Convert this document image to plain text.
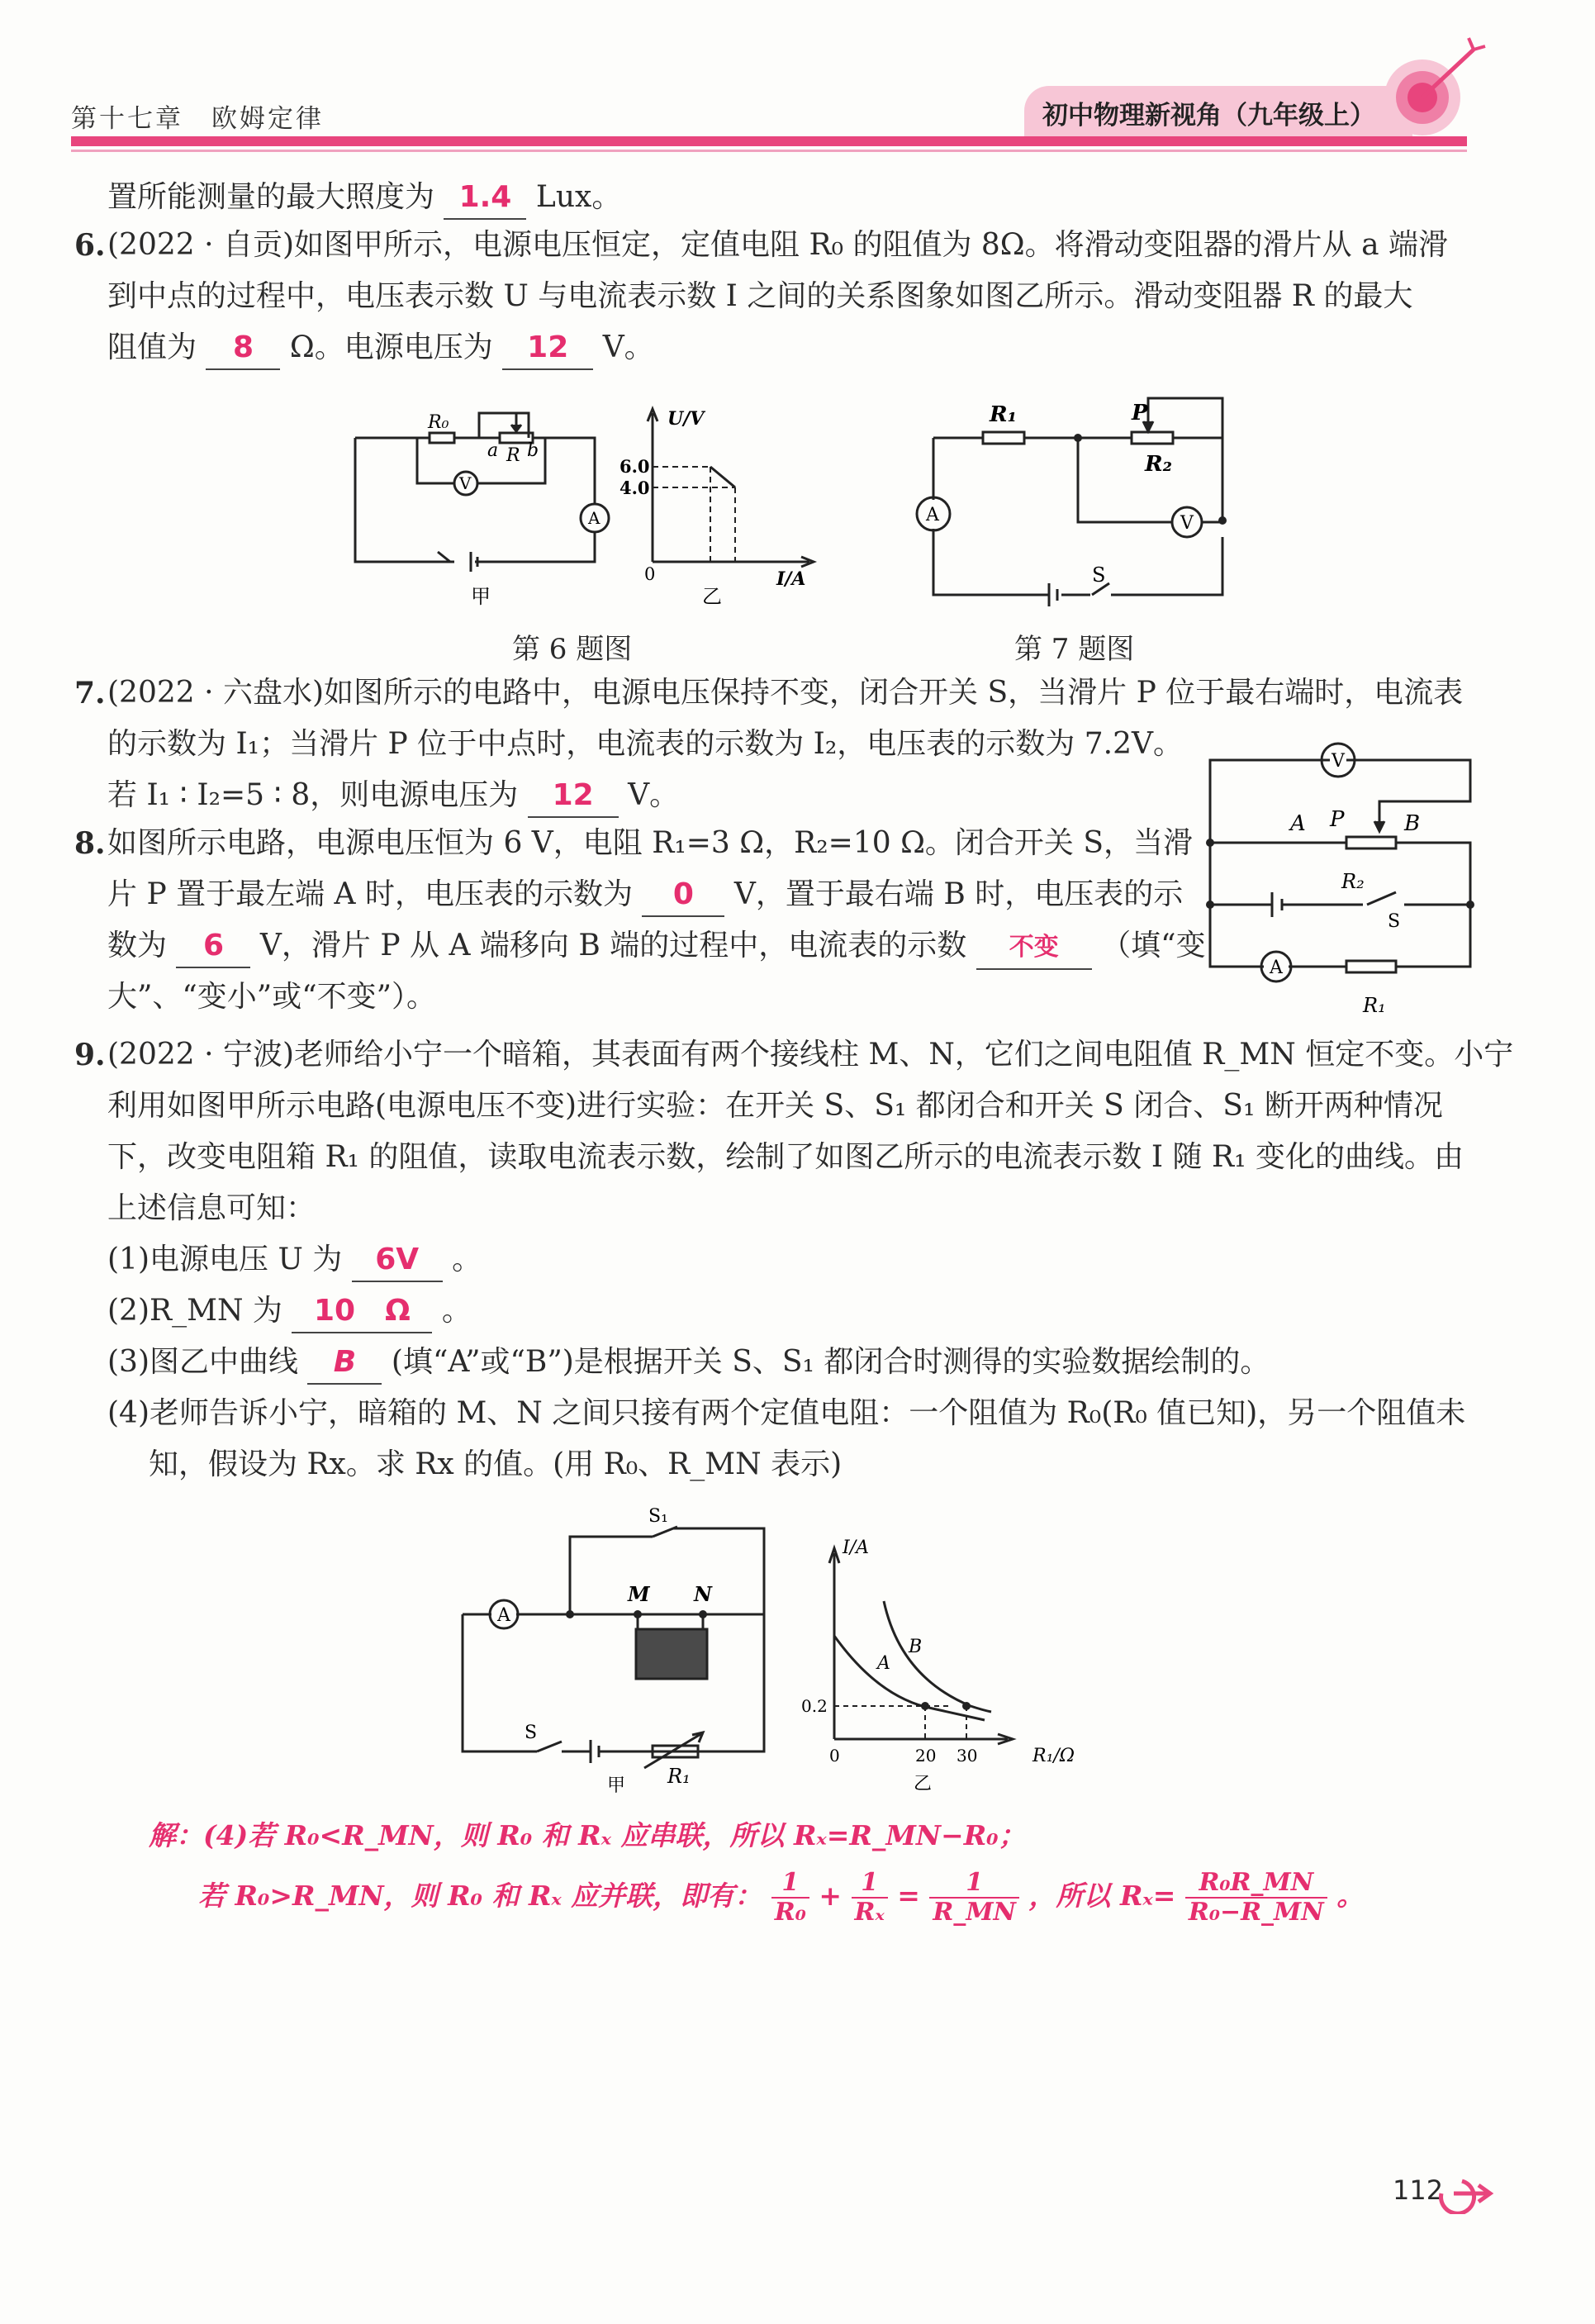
第十七章　欧姆定律	初中物理新视角（九年级上）
置所能测量的最大照度为 1.4 Lux。
6. (2022 · 自贡)如图甲所示，电源电压恒定，定值电阻 R₀ 的阻值为 8Ω。将滑动变阻器的滑片从 a 端滑
到中点的过程中，电压表示数 U 与电流表示数 I 之间的关系图象如图乙所示。滑动变阻器 R 的最大
阻值为 8 Ω。电源电压为 12 V。
R₀
a R b
V
A
甲
U/V
6.0
4.0
0	I/A
乙
第 6 题图
R₁	P
R₂
A	V
S
第 7 题图
7. (2022 · 六盘水)如图所示的电路中，电源电压保持不变，闭合开关 S，当滑片 P 位于最右端时，电流表
的示数为 I₁；当滑片 P 位于中点时，电流表的示数为 I₂，电压表的示数为 7.2V。
若 I₁ ∶ I₂=5 ∶ 8，则电源电压为 12 V。
V
A P	B
R₂
S
A
R₁
8. 如图所示电路，电源电压恒为 6 V，电阻 R₁=3 Ω，R₂=10 Ω。闭合开关 S，当滑
片 P 置于最左端 A 时，电压表的示数为 0 V，置于最右端 B 时，电压表的示
数为 6 V，滑片 P 从 A 端移向 B 端的过程中，电流表的示数 不变 （填“变
大”、“变小”或“不变”）。
9. (2022 · 宁波)老师给小宁一个暗箱，其表面有两个接线柱 M、N，它们之间电阻值 R_MN 恒定不变。小宁
利用如图甲所示电路(电源电压不变)进行实验：在开关 S、S₁ 都闭合和开关 S 闭合、S₁ 断开两种情况
下，改变电阻箱 R₁ 的阻值，读取电流表示数，绘制了如图乙所示的电流表示数 I 随 R₁ 变化的曲线。由
上述信息可知：
(1)电源电压 U 为 6V 。
(2)R_MN 为 10　Ω 。
(3)图乙中曲线 B (填“A”或“B”)是根据开关 S、S₁ 都闭合时测得的实验数据绘制的。
(4)老师告诉小宁，暗箱的 M、N 之间只接有两个定值电阻：一个阻值为 R₀(R₀ 值已知)，另一个阻值未
知，假设为 Rx。求 Rx 的值。(用 R₀、R_MN 表示)
S₁
A
M N
S
R₁
甲
I/A
A
B
0.2
0	20 30	R₁/Ω
乙
解：(4)若 R₀<R_MN，则 R₀ 和 Rₓ 应串联，所以 Rₓ=R_MN−R₀；
若 R₀>R_MN，则 R₀ 和 Rₓ 应并联，即有： $\frac{1}{\text{R₀}} + \frac{1}{\text{Rₓ}} = \frac{1}{R\_MN}$ ，所以 $R_x= \frac{\text{R₀R\_MN}}{\text{R₀−R\_MN}}$ 。
112
